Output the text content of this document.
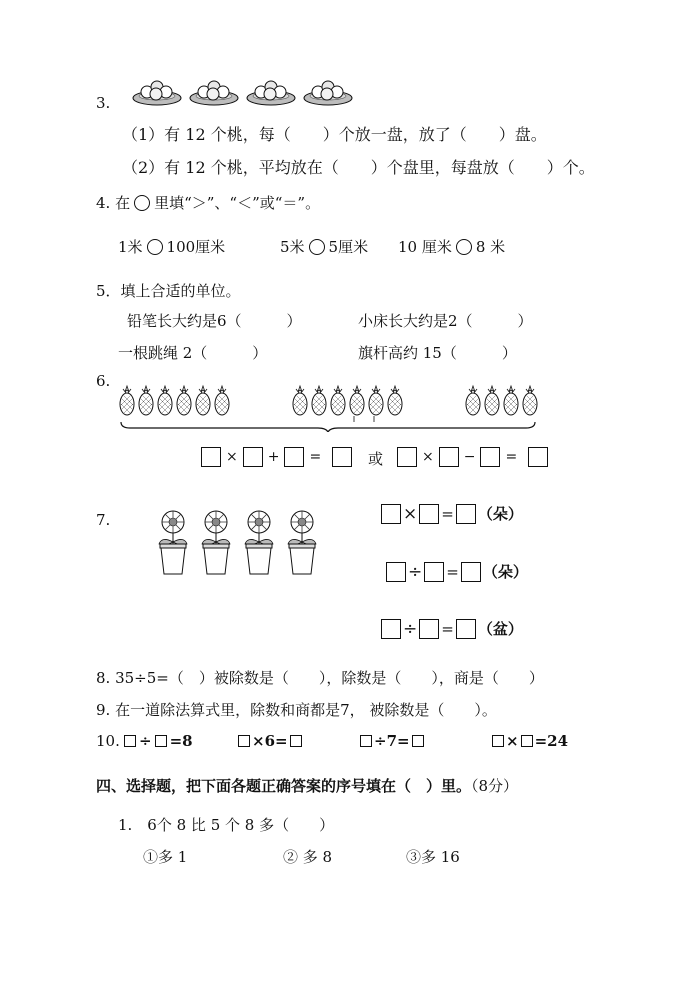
3.
（1）有 12 个桃，每（　　）个放一盘，放了（　　）盘。
（2）有 12 个桃，平均放在（　　）个盘里，每盘放（　　）个。
4. 在 里填“＞”、“＜”或“＝”。
1米 100厘米	5米 5厘米 10 厘米 8 米
5．填上合适的单位。
铅笔长大约是6（　　　）	小床长大约是2（　　　）
一根跳绳 2（　　　）	旗杆高约 15（　　　）
6.
× + =	或	× − =
7.	× = （朵）
÷ = （朵）
÷ = （盆）
8. 35÷5=（　）被除数是（　　），除数是（　　），商是（　　）
9. 在一道除法算式里，除数和商都是7， 被除数是（　　）。
10. ÷ =8	×6=	÷7=	× =24
四、选择题，把下面各题正确答案的序号填在（　）里。（8分）
1.　6个 8 比 5 个 8 多（　　）
①多 1	② 多 8	③多 16
